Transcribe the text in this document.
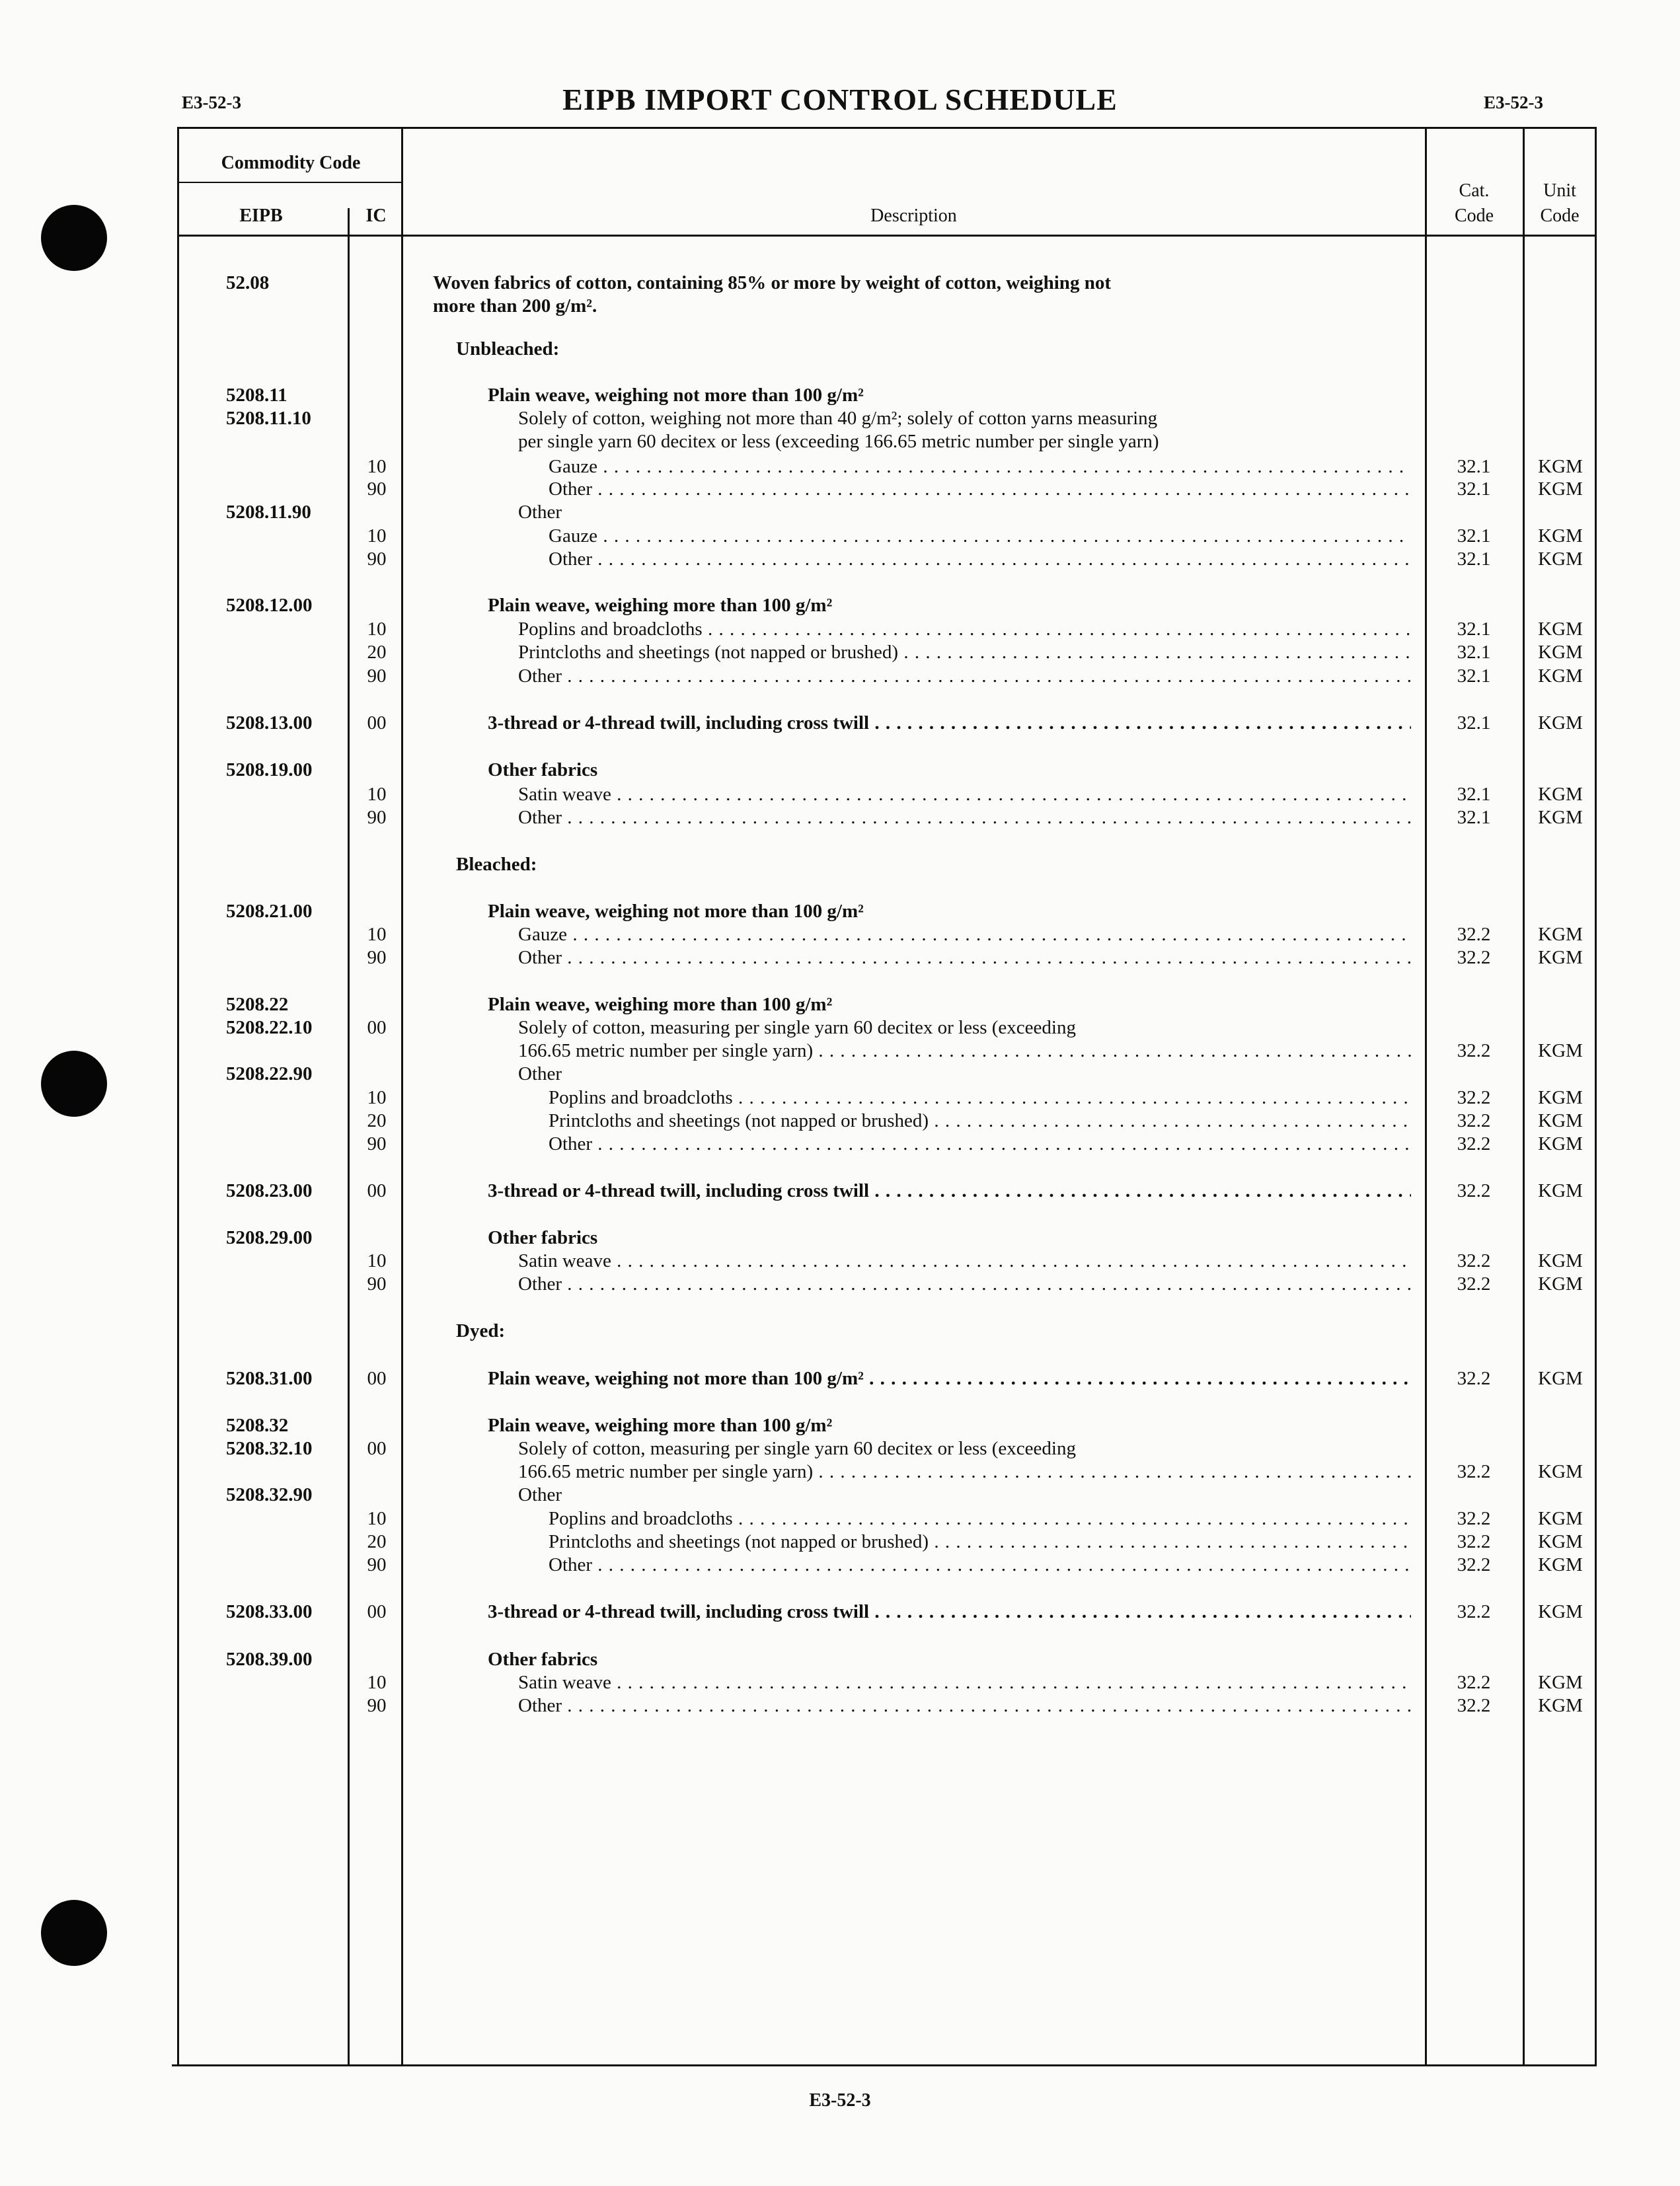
E3-52-3	EIPB IMPORT CONTROL SCHEDULE	E3-52-3
Commodity Code
EIPB	IC	Description
Cat.
Code
Unit
Code
52.08	Woven fabrics of cotton, containing 85% or more by weight of cotton, weighing not
more than 200 g/m².
Unbleached:
5208.11	Plain weave, weighing not more than 100 g/m²
5208.11.10	Solely of cotton, weighing not more than 40 g/m²; solely of cotton yarns measuring
per single yarn 60 decitex or less (exceeding 166.65 metric number per single yarn)
10	Gauze . . .	32.1	KGM
90	Other . . .	32.1	KGM
5208.11.90	Other
10	Gauze . . .	32.1	KGM
90	Other . . .	32.1	KGM
5208.12.00	Plain weave, weighing more than 100 g/m²
10	Poplins and broadcloths . . .	32.1	KGM
20	Printcloths and sheetings (not napped or brushed) . . .	32.1	KGM
90	Other . . .	32.1	KGM
5208.13.00	00	3-thread or 4-thread twill, including cross twill . . .	32.1	KGM
5208.19.00	Other fabrics
10	Satin weave . . .	32.1	KGM
90	Other . . .	32.1	KGM
Bleached:
5208.21.00	Plain weave, weighing not more than 100 g/m²
10	Gauze . . .	32.2	KGM
90	Other . . .	32.2	KGM
5208.22	Plain weave, weighing more than 100 g/m²
5208.22.10	00	Solely of cotton, measuring per single yarn 60 decitex or less (exceeding
166.65 metric number per single yarn) . . .	32.2	KGM
5208.22.90	Other
10	Poplins and broadcloths . . .	32.2	KGM
20	Printcloths and sheetings (not napped or brushed) . . .	32.2	KGM
90	Other . . .	32.2	KGM
5208.23.00	00	3-thread or 4-thread twill, including cross twill . . .	32.2	KGM
5208.29.00	Other fabrics
10	Satin weave . . .	32.2	KGM
90	Other . . .	32.2	KGM
Dyed:
5208.31.00	00	Plain weave, weighing not more than 100 g/m² . . .	32.2	KGM
5208.32	Plain weave, weighing more than 100 g/m²
5208.32.10	00	Solely of cotton, measuring per single yarn 60 decitex or less (exceeding
166.65 metric number per single yarn) . . .	32.2	KGM
5208.32.90	Other
10	Poplins and broadcloths . . .	32.2	KGM
20	Printcloths and sheetings (not napped or brushed) . . .	32.2	KGM
90	Other . . .	32.2	KGM
5208.33.00	00	3-thread or 4-thread twill, including cross twill . . .	32.2	KGM
5208.39.00	Other fabrics
10	Satin weave . . .	32.2	KGM
90	Other . . .	32.2	KGM
E3-52-3
